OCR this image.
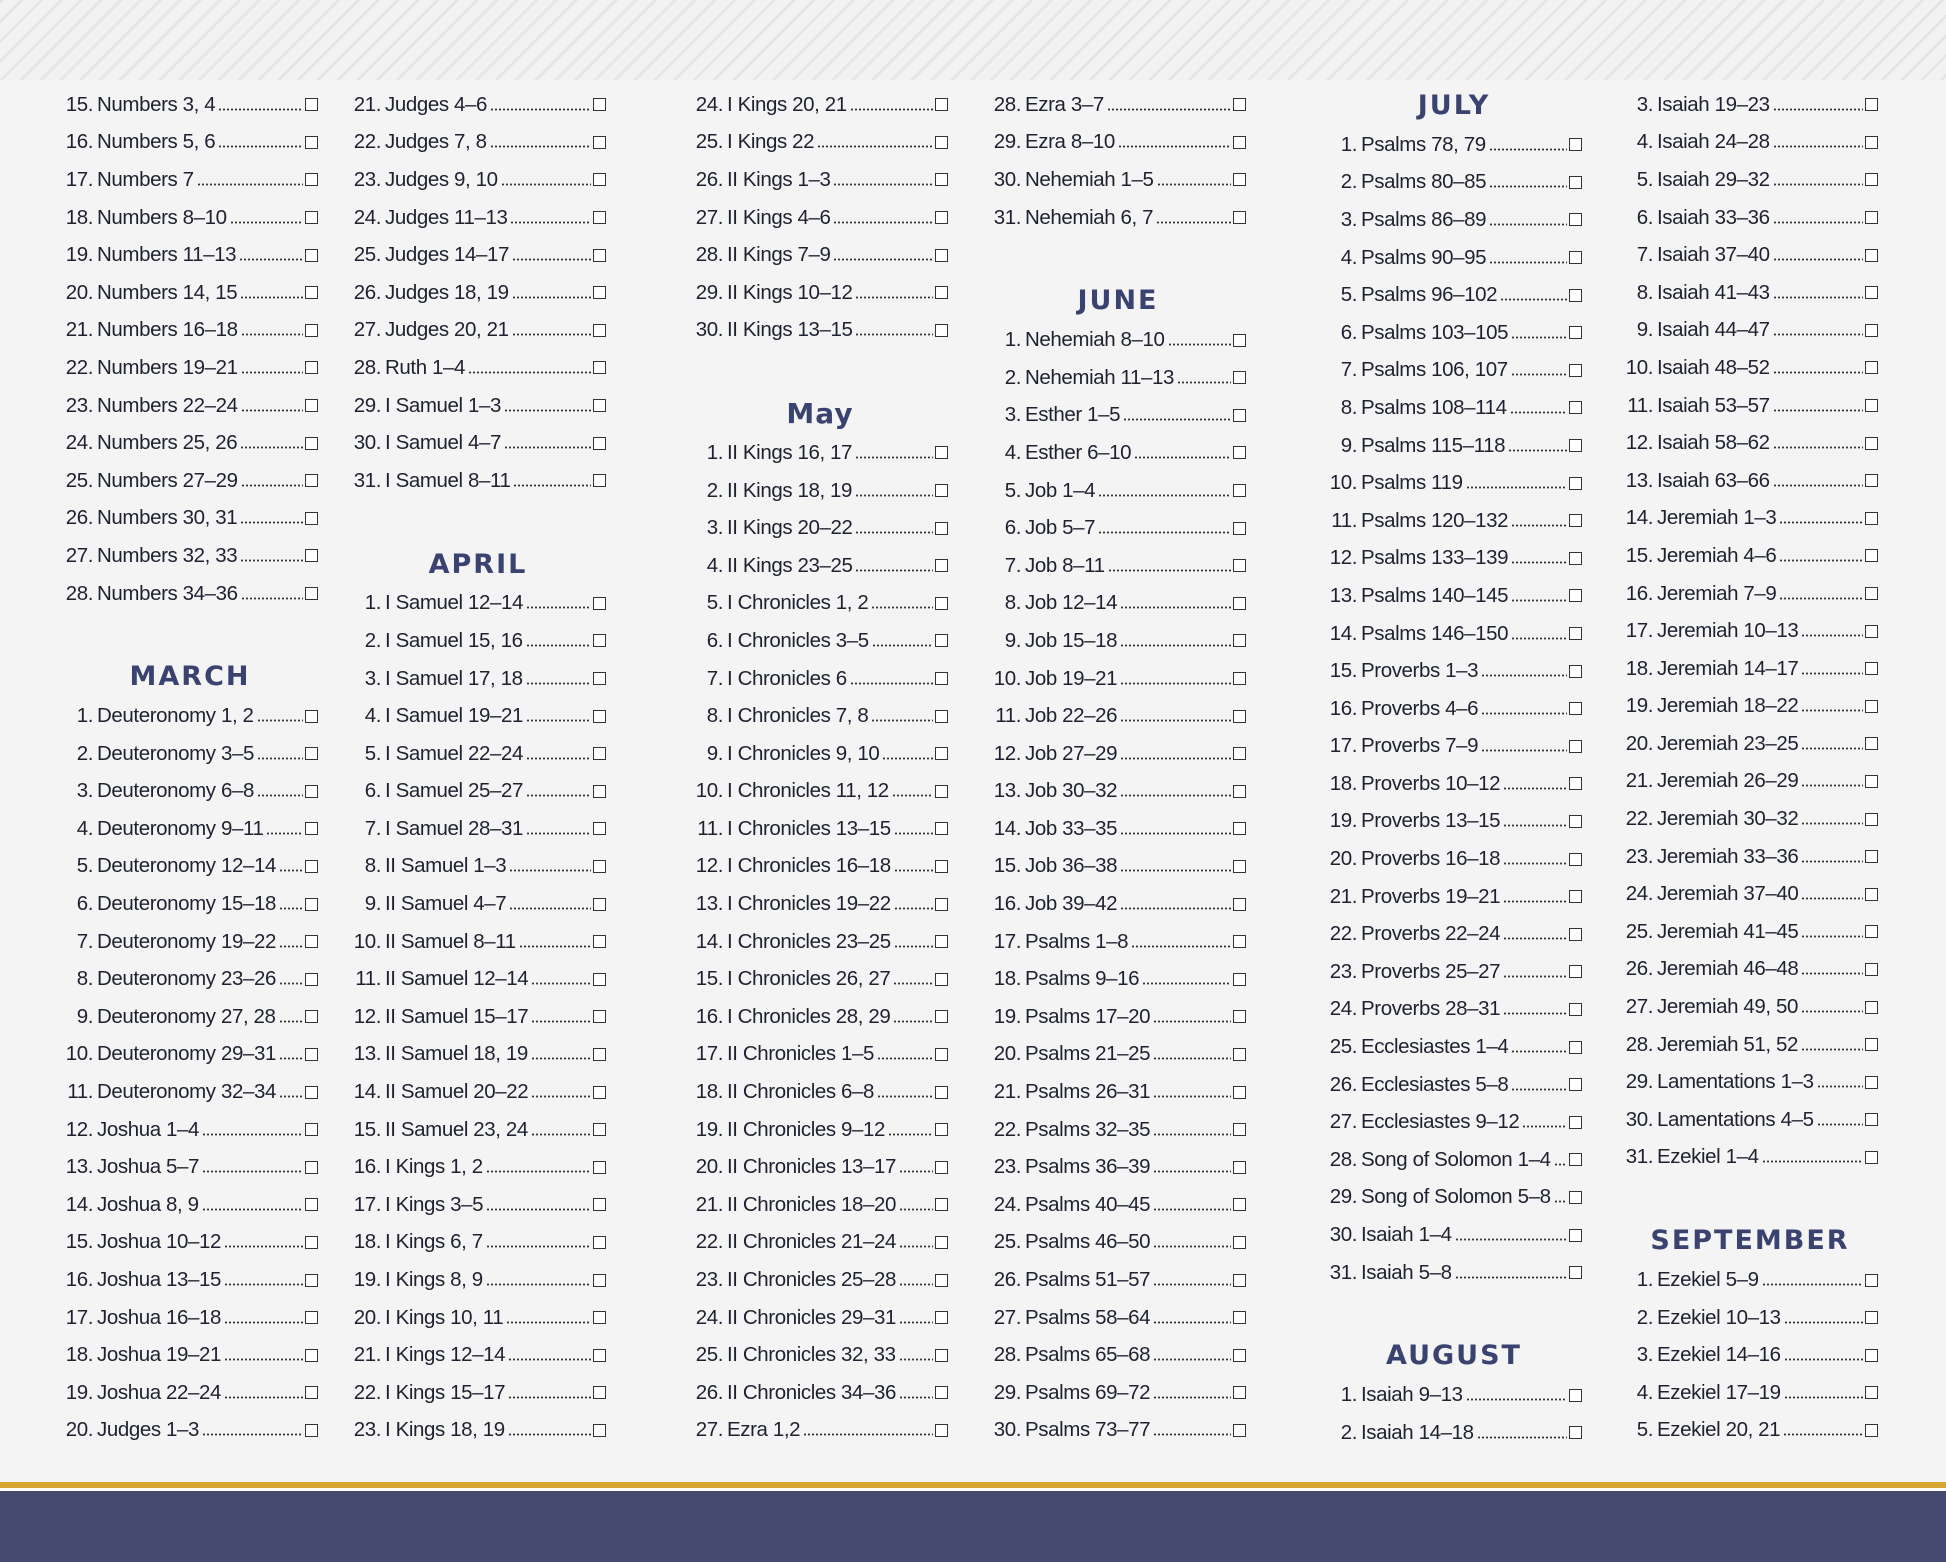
15. Numbers 3, 4
16. Numbers 5, 6
17. Numbers 7
18. Numbers 8–10
19. Numbers 11–13
20. Numbers 14, 15
21. Numbers 16–18
22. Numbers 19–21
23. Numbers 22–24
24. Numbers 25, 26
25. Numbers 27–29
26. Numbers 30, 31
27. Numbers 32, 33
28. Numbers 34–36
MARCH
1. Deuteronomy 1, 2
2. Deuteronomy 3–5
3. Deuteronomy 6–8
4. Deuteronomy 9–11
5. Deuteronomy 12–14
6. Deuteronomy 15–18
7. Deuteronomy 19–22
8. Deuteronomy 23–26
9. Deuteronomy 27, 28
10. Deuteronomy 29–31
11. Deuteronomy 32–34
12. Joshua 1–4
13. Joshua 5–7
14. Joshua 8, 9
15. Joshua 10–12
16. Joshua 13–15
17. Joshua 16–18
18. Joshua 19–21
19. Joshua 22–24
20. Judges 1–3
21. Judges 4–6
22. Judges 7, 8
23. Judges 9, 10
24. Judges 11–13
25. Judges 14–17
26. Judges 18, 19
27. Judges 20, 21
28. Ruth 1–4
29. I Samuel 1–3
30. I Samuel 4–7
31. I Samuel 8–11
APRIL
1. I Samuel 12–14
2. I Samuel 15, 16
3. I Samuel 17, 18
4. I Samuel 19–21
5. I Samuel 22–24
6. I Samuel 25–27
7. I Samuel 28–31
8. II Samuel 1–3
9. II Samuel 4–7
10. II Samuel 8–11
11. II Samuel 12–14
12. II Samuel 15–17
13. II Samuel 18, 19
14. II Samuel 20–22
15. II Samuel 23, 24
16. I Kings 1, 2
17. I Kings 3–5
18. I Kings 6, 7
19. I Kings 8, 9
20. I Kings 10, 11
21. I Kings 12–14
22. I Kings 15–17
23. I Kings 18, 19
24. I Kings 20, 21
25. I Kings 22
26. II Kings 1–3
27. II Kings 4–6
28. II Kings 7–9
29. II Kings 10–12
30. II Kings 13–15
May
1. II Kings 16, 17
2. II Kings 18, 19
3. II Kings 20–22
4. II Kings 23–25
5. I Chronicles 1, 2
6. I Chronicles 3–5
7. I Chronicles 6
8. I Chronicles 7, 8
9. I Chronicles 9, 10
10. I Chronicles 11, 12
11. I Chronicles 13–15
12. I Chronicles 16–18
13. I Chronicles 19–22
14. I Chronicles 23–25
15. I Chronicles 26, 27
16. I Chronicles 28, 29
17. II Chronicles 1–5
18. II Chronicles 6–8
19. II Chronicles 9–12
20. II Chronicles 13–17
21. II Chronicles 18–20
22. II Chronicles 21–24
23. II Chronicles 25–28
24. II Chronicles 29–31
25. II Chronicles 32, 33
26. II Chronicles 34–36
27. Ezra 1,2
28. Ezra 3–7
29. Ezra 8–10
30. Nehemiah 1–5
31. Nehemiah 6, 7
JUNE
1. Nehemiah 8–10
2. Nehemiah 11–13
3. Esther 1–5
4. Esther 6–10
5. Job 1–4
6. Job 5–7
7. Job 8–11
8. Job 12–14
9. Job 15–18
10. Job 19–21
11. Job 22–26
12. Job 27–29
13. Job 30–32
14. Job 33–35
15. Job 36–38
16. Job 39–42
17. Psalms 1–8
18. Psalms 9–16
19. Psalms 17–20
20. Psalms 21–25
21. Psalms 26–31
22. Psalms 32–35
23. Psalms 36–39
24. Psalms 40–45
25. Psalms 46–50
26. Psalms 51–57
27. Psalms 58–64
28. Psalms 65–68
29. Psalms 69–72
30. Psalms 73–77
JULY
1. Psalms 78, 79
2. Psalms 80–85
3. Psalms 86–89
4. Psalms 90–95
5. Psalms 96–102
6. Psalms 103–105
7. Psalms 106, 107
8. Psalms 108–114
9. Psalms 115–118
10. Psalms 119
11. Psalms 120–132
12. Psalms 133–139
13. Psalms 140–145
14. Psalms 146–150
15. Proverbs 1–3
16. Proverbs 4–6
17. Proverbs 7–9
18. Proverbs 10–12
19. Proverbs 13–15
20. Proverbs 16–18
21. Proverbs 19–21
22. Proverbs 22–24
23. Proverbs 25–27
24. Proverbs 28–31
25. Ecclesiastes 1–4
26. Ecclesiastes 5–8
27. Ecclesiastes 9–12
28. Song of Solomon 1–4
29. Song of Solomon 5–8
30. Isaiah 1–4
31. Isaiah 5–8
AUGUST
1. Isaiah 9–13
2. Isaiah 14–18
3. Isaiah 19–23
4. Isaiah 24–28
5. Isaiah 29–32
6. Isaiah 33–36
7. Isaiah 37–40
8. Isaiah 41–43
9. Isaiah 44–47
10. Isaiah 48–52
11. Isaiah 53–57
12. Isaiah 58–62
13. Isaiah 63–66
14. Jeremiah 1–3
15. Jeremiah 4–6
16. Jeremiah 7–9
17. Jeremiah 10–13
18. Jeremiah 14–17
19. Jeremiah 18–22
20. Jeremiah 23–25
21. Jeremiah 26–29
22. Jeremiah 30–32
23. Jeremiah 33–36
24. Jeremiah 37–40
25. Jeremiah 41–45
26. Jeremiah 46–48
27. Jeremiah 49, 50
28. Jeremiah 51, 52
29. Lamentations 1–3
30. Lamentations 4–5
31. Ezekiel 1–4
SEPTEMBER
1. Ezekiel 5–9
2. Ezekiel 10–13
3. Ezekiel 14–16
4. Ezekiel 17–19
5. Ezekiel 20, 21
